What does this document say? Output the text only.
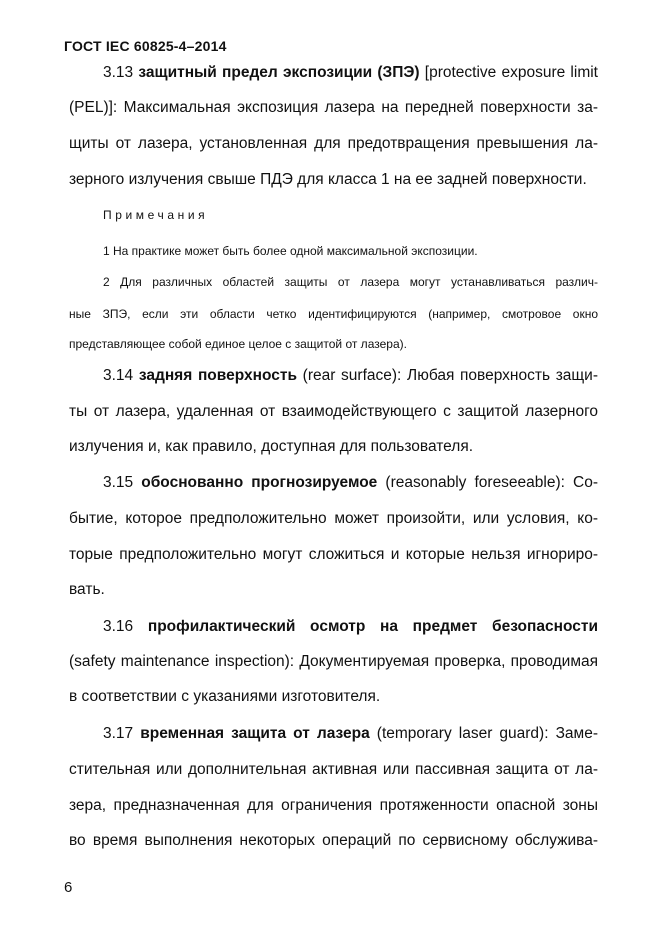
ГОСТ IEC 60825-4–2014
3.13 защитный предел экспозиции (ЗПЭ) [protective exposure limit
(PEL)]: Максимальная экспозиция лазера на передней поверхности за-
щиты от лазера, установленная для предотвращения превышения ла-
зерного излучения свыше ПДЭ для класса 1 на ее задней поверхности.
Примечания
1 На практике может быть более одной максимальной экспозиции.
2 Для различных областей защиты от лазера могут устанавливаться различ-
ные ЗПЭ, если эти области четко идентифицируются (например, смотровое окно
представляющее собой единое целое с защитой от лазера).
3.14 задняя поверхность (rear surface): Любая поверхность защи-
ты от лазера, удаленная от взаимодействующего с защитой лазерного
излучения и, как правило, доступная для пользователя.
3.15 обоснованно прогнозируемое (reasonably foreseeable): Со-
бытие, которое предположительно может произойти, или условия, ко-
торые предположительно могут сложиться и которые нельзя игнориро-
вать.
3.16 профилактический осмотр на предмет безопасности
(safety maintenance inspection): Документируемая проверка, проводимая
в соответствии с указаниями изготовителя.
3.17 временная защита от лазера (temporary laser guard): Заме-
стительная или дополнительная активная или пассивная защита от ла-
зера, предназначенная для ограничения протяженности опасной зоны
во время выполнения некоторых операций по сервисному обслужива-
6
